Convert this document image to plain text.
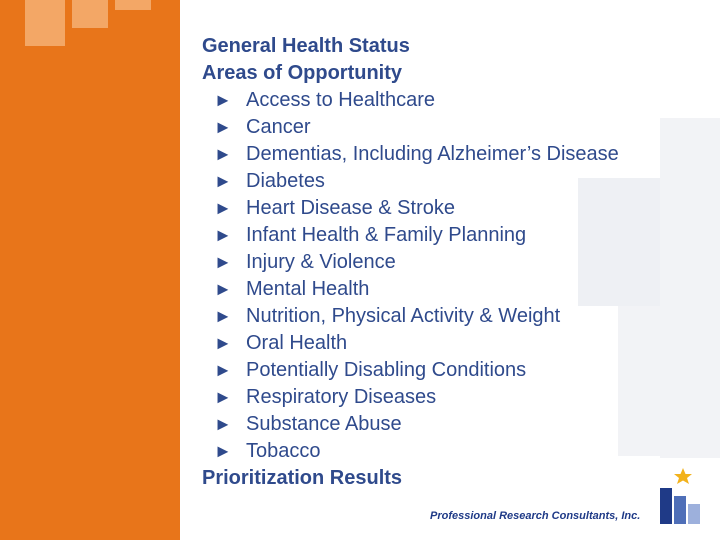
General Health Status
Areas of Opportunity
► Access to Healthcare
► Cancer
► Dementias, Including Alzheimer’s Disease
► Diabetes
► Heart Disease & Stroke
► Infant Health & Family Planning
► Injury & Violence
► Mental Health
► Nutrition, Physical Activity & Weight
► Oral Health
► Potentially Disabling Conditions
► Respiratory Diseases
► Substance Abuse
► Tobacco
Prioritization Results
Professional Research Consultants, Inc.
